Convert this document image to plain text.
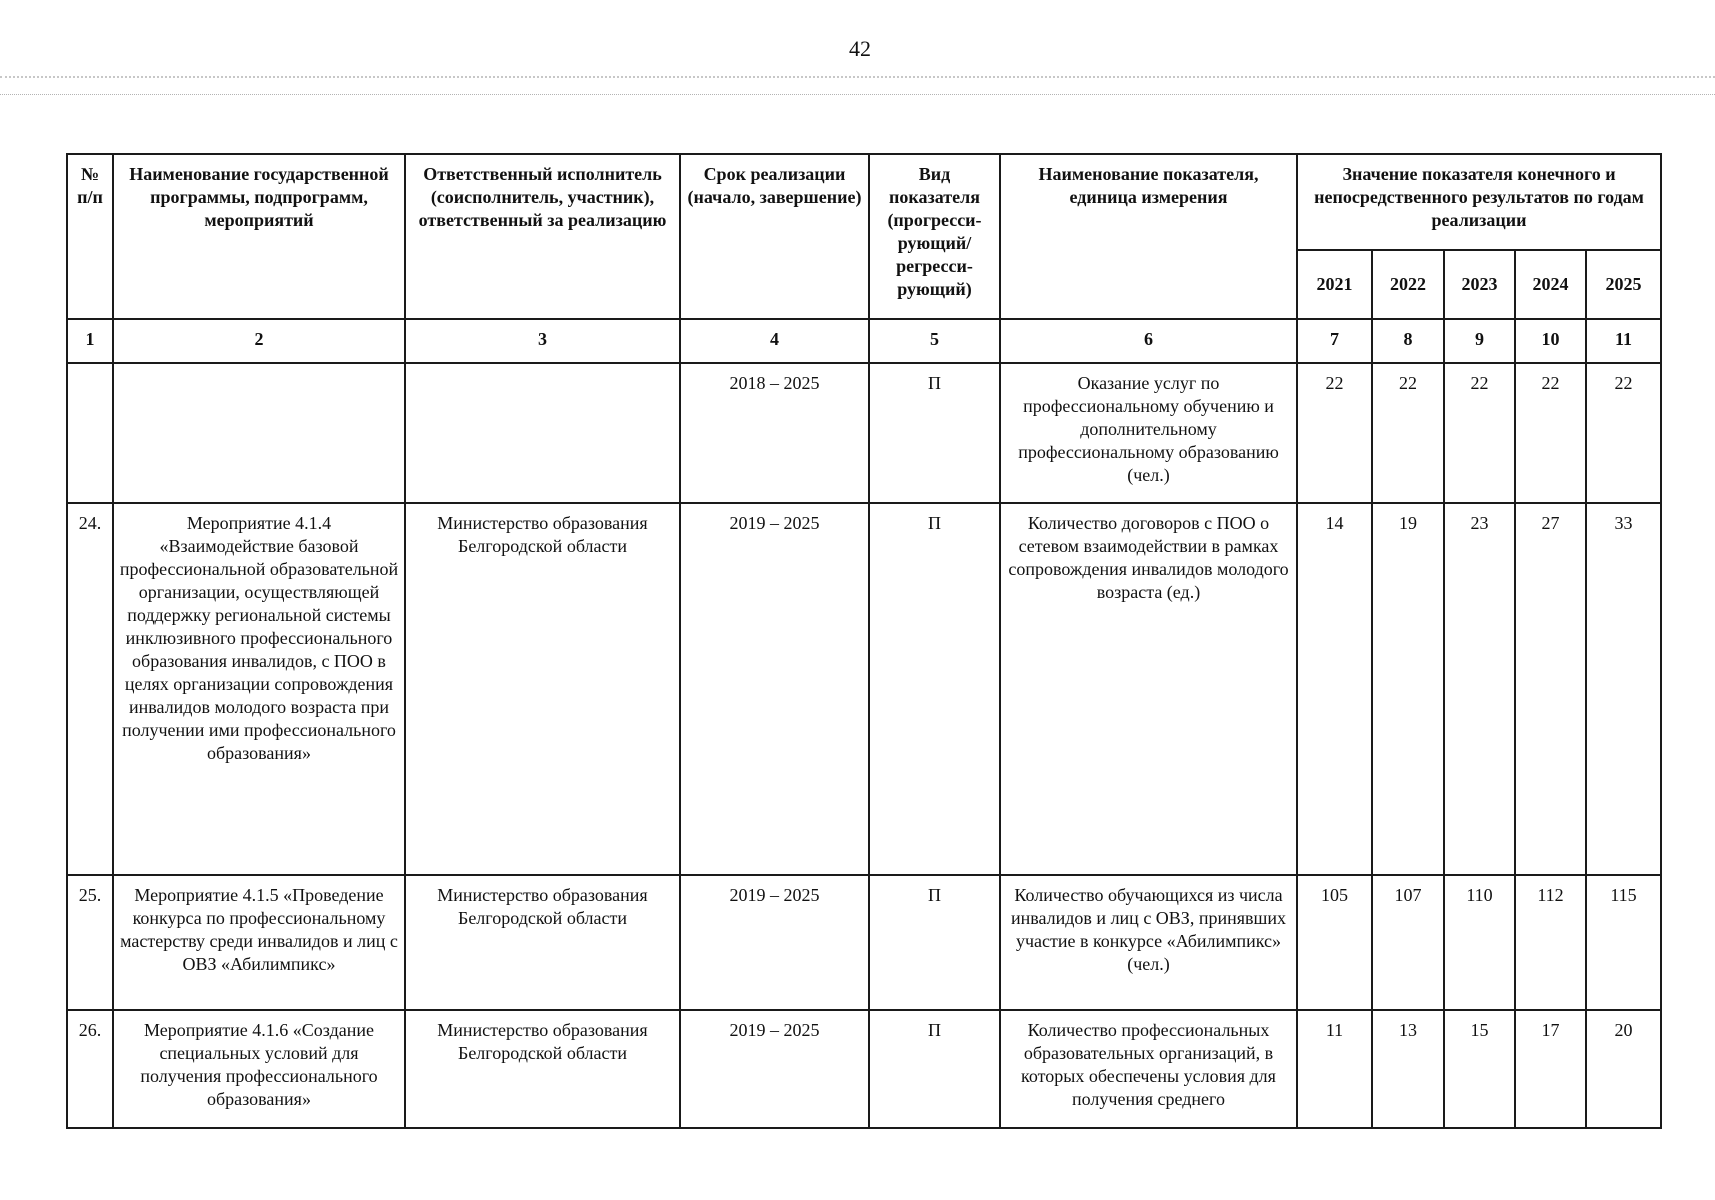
42
№ п/п	Наименование государственной программы, подпрограмм, мероприятий	Ответственный исполнитель (соисполнитель, участник), ответственный за реализацию	Срок реализации (начало, завершение)	Вид показателя (прогресси-рующий/ регресси-рующий)	Наименование показателя, единица измерения	Значение показателя конечного и непосредственного результатов по годам реализации				
						2021	2022	2023	2024	2025
1	2	3	4	5	6	7	8	9	10	11
			2018 – 2025	П	Оказание услуг по профессиональному обучению и дополнительному профессиональному образованию (чел.)	22	22	22	22	22
24.	Мероприятие 4.1.4 «Взаимодействие базовой профессиональной образовательной организации, осуществляющей поддержку региональной системы инклюзивного профессионального образования инвалидов, с ПОО в целях организации сопровождения инвалидов молодого возраста при получении ими профессионального образования»	Министерство образования Белгородской области	2019 – 2025	П	Количество договоров с ПОО о сетевом взаимодействии в рамках сопровождения инвалидов молодого возраста (ед.)	14	19	23	27	33
25.	Мероприятие 4.1.5 «Проведение конкурса по профессиональному мастерству среди инвалидов и лиц с ОВЗ «Абилимпикс»	Министерство образования Белгородской области	2019 – 2025	П	Количество обучающихся из числа инвалидов и лиц с ОВЗ, принявших участие в конкурсе «Абилимпикс» (чел.)	105	107	110	112	115
26.	Мероприятие 4.1.6 «Создание специальных условий для получения профессионального образования»	Министерство образования Белгородской области	2019 – 2025	П	Количество профессиональных образовательных организаций, в которых обеспечены условия для получения среднего	11	13	15	17	20
